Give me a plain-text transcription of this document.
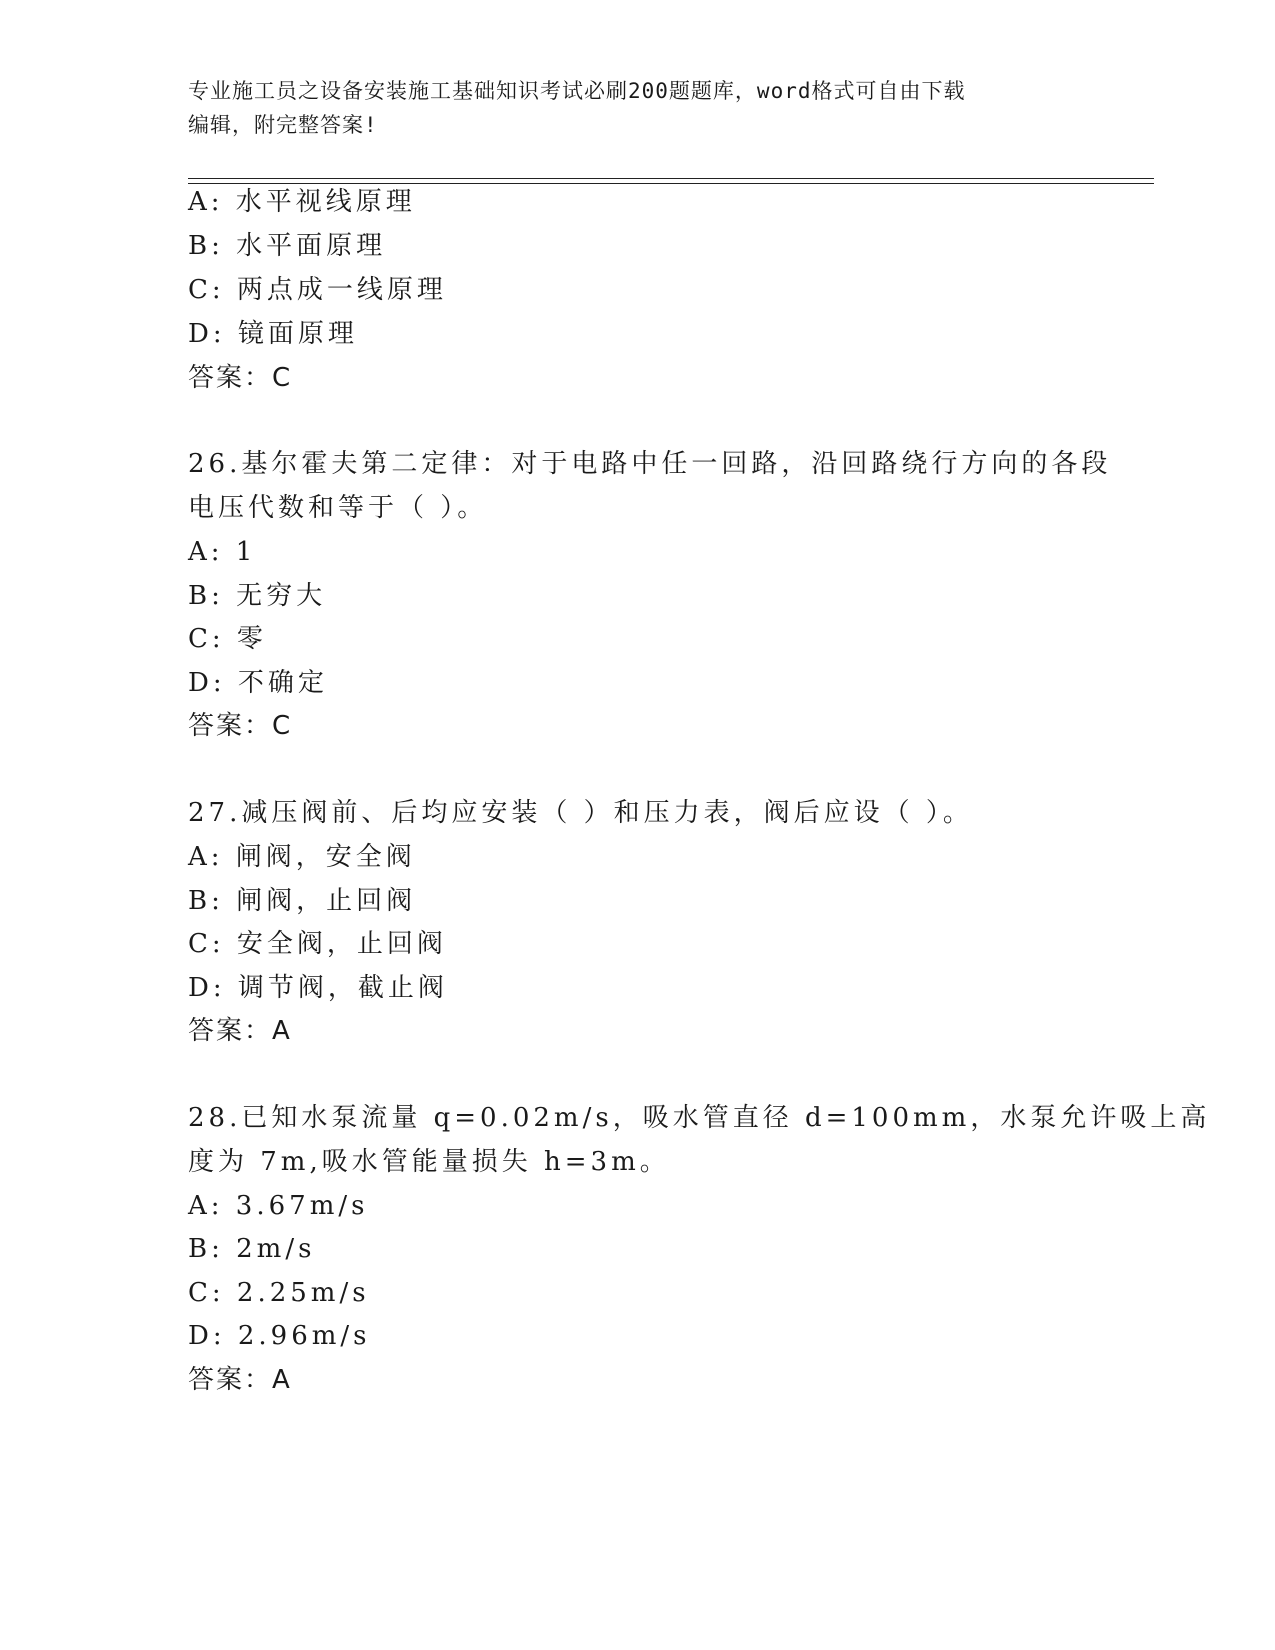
专业施工员之设备安装施工基础知识考试必刷200题题库，word格式可自由下载
编辑，附完整答案!
A: 水平视线原理
B: 水平面原理
C: 两点成一线原理
D: 镜面原理
答案：C
26.基尔霍夫第二定律：对于电路中任一回路，沿回路绕行方向的各段
电压代数和等于（ ）。
A: 1
B: 无穷大
C: 零
D: 不确定
答案：C
27.减压阀前、后均应安装（ ）和压力表，阀后应设（ ）。
A: 闸阀，安全阀
B: 闸阀，止回阀
C: 安全阀，止回阀
D: 调节阀，截止阀
答案：A
28.已知水泵流量 q=0.02m/s，吸水管直径 d=100mm，水泵允许吸上高
度为 7m,吸水管能量损失 h=3m。
A: 3.67m/s
B: 2m/s
C: 2.25m/s
D: 2.96m/s
答案：A
